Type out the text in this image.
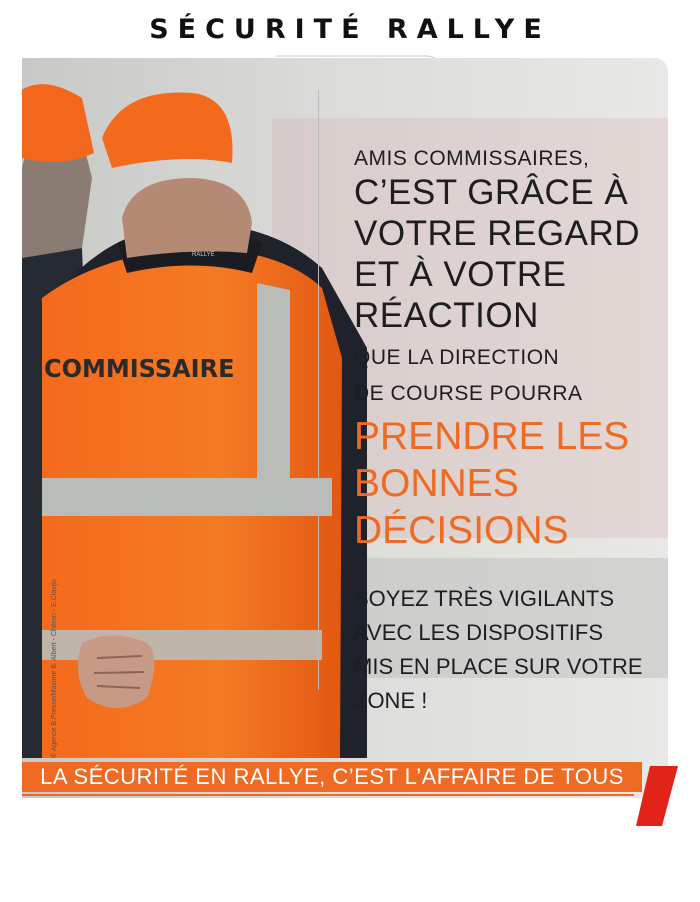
SÉCURITÉ RALLYE
RALLYE
COMMISSAIRE
© Agence B.Presse/Maxime B. Albert - Chéron - E.Clavijo
AMIS COMMISSAIRES,
C’EST GRÂCE À
VOTRE REGARD
ET À VOTRE
RÉACTION
QUE LA DIRECTION
DE COURSE POURRA
PRENDRE LES
BONNES
DÉCISIONS
SOYEZ TRÈS VIGILANTS
AVEC LES DISPOSITIFS
MIS EN PLACE SUR VOTRE
ZONE !
LA SÉCURITÉ EN RALLYE, C’EST L’AFFAIRE DE TOUS
